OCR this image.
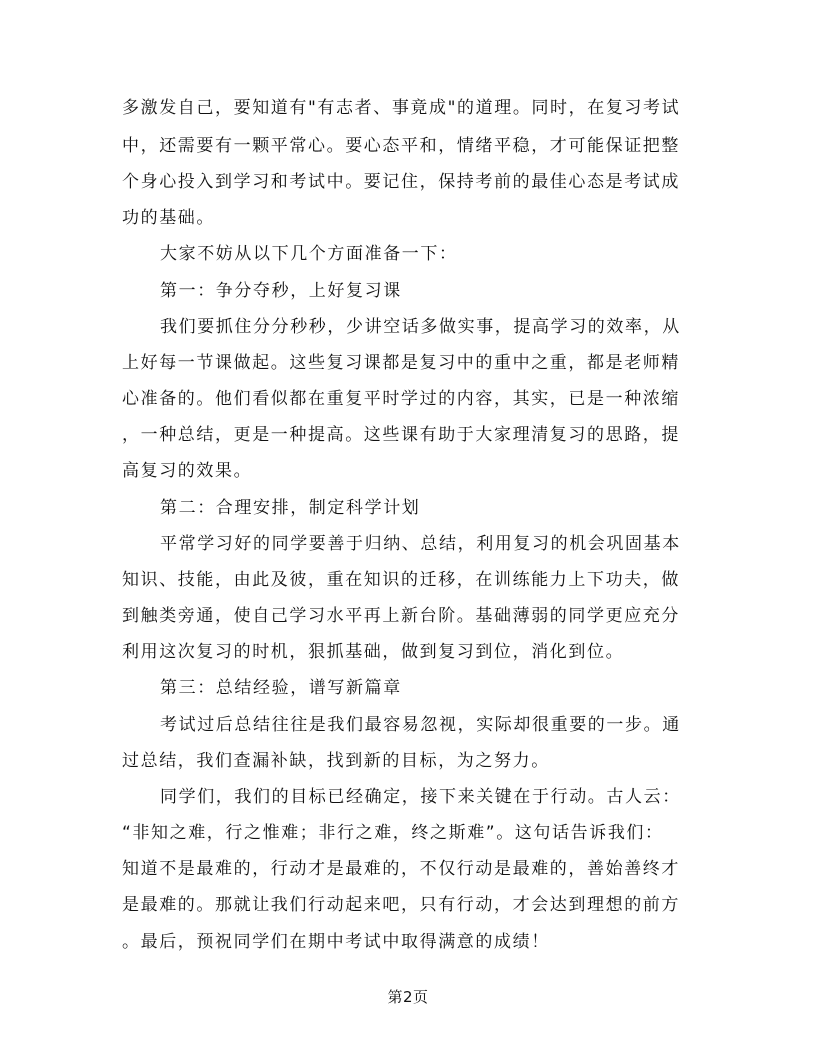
多激发自己，要知道有"有志者、事竟成"的道理。同时，在复习考试
中，还需要有一颗平常心。要心态平和，情绪平稳，才可能保证把整
个身心投入到学习和考试中。要记住，保持考前的最佳心态是考试成
功的基础。
大家不妨从以下几个方面准备一下：
第一：争分夺秒，上好复习课
我们要抓住分分秒秒，少讲空话多做实事，提高学习的效率，从
上好每一节课做起。这些复习课都是复习中的重中之重，都是老师精
心准备的。他们看似都在重复平时学过的内容，其实，已是一种浓缩
，一种总结，更是一种提高。这些课有助于大家理清复习的思路，提
高复习的效果。
第二：合理安排，制定科学计划
平常学习好的同学要善于归纳、总结，利用复习的机会巩固基本
知识、技能，由此及彼，重在知识的迁移，在训练能力上下功夫，做
到触类旁通，使自己学习水平再上新台阶。基础薄弱的同学更应充分
利用这次复习的时机，狠抓基础，做到复习到位，消化到位。
第三：总结经验，谱写新篇章
考试过后总结往往是我们最容易忽视，实际却很重要的一步。通
过总结，我们查漏补缺，找到新的目标，为之努力。
同学们，我们的目标已经确定，接下来关键在于行动。古人云：
“非知之难，行之惟难；非行之难，终之斯难”。这句话告诉我们：
知道不是最难的，行动才是最难的，不仅行动是最难的，善始善终才
是最难的。那就让我们行动起来吧，只有行动，才会达到理想的前方
。最后，预祝同学们在期中考试中取得满意的成绩！
第2页
